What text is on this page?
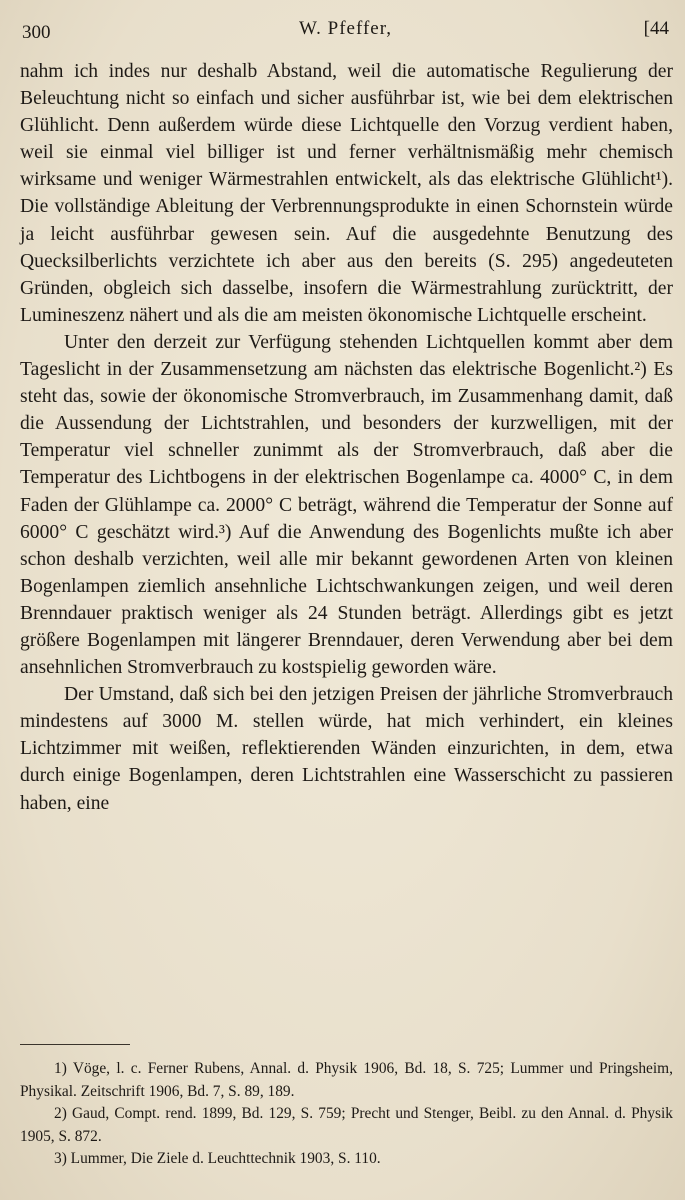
300	W. Pfeffer,	[44

nahm ich indes nur deshalb Abstand, weil die automatische Regulierung der Beleuchtung nicht so einfach und sicher ausführbar ist, wie bei dem elektrischen Glühlicht. Denn außerdem würde diese Lichtquelle den Vorzug verdient haben, weil sie einmal viel billiger ist und ferner verhältnismäßig mehr chemisch wirksame und weniger Wärmestrahlen entwickelt, als das elektrische Glühlicht¹). Die vollständige Ableitung der Verbrennungsprodukte in einen Schornstein würde ja leicht ausführbar gewesen sein. Auf die ausgedehnte Benutzung des Quecksilberlichts verzichtete ich aber aus den bereits (S. 295) angedeuteten Gründen, obgleich sich dasselbe, insofern die Wärmestrahlung zurücktritt, der Lumineszenz nähert und als die am meisten ökonomische Lichtquelle erscheint.

Unter den derzeit zur Verfügung stehenden Lichtquellen kommt aber dem Tageslicht in der Zusammensetzung am nächsten das elektrische Bogenlicht.²) Es steht das, sowie der ökonomische Stromverbrauch, im Zusammenhang damit, daß die Aussendung der Lichtstrahlen, und besonders der kurzwelligen, mit der Temperatur viel schneller zunimmt als der Stromverbrauch, daß aber die Temperatur des Lichtbogens in der elektrischen Bogenlampe ca. 4000° C, in dem Faden der Glühlampe ca. 2000° C beträgt, während die Temperatur der Sonne auf 6000° C geschätzt wird.³) Auf die Anwendung des Bogenlichts mußte ich aber schon deshalb verzichten, weil alle mir bekannt gewordenen Arten von kleinen Bogenlampen ziemlich ansehnliche Lichtschwankungen zeigen, und weil deren Brenndauer praktisch weniger als 24 Stunden beträgt. Allerdings gibt es jetzt größere Bogenlampen mit längerer Brenndauer, deren Verwendung aber bei dem ansehnlichen Stromverbrauch zu kostspielig geworden wäre.

Der Umstand, daß sich bei den jetzigen Preisen der jährliche Stromverbrauch mindestens auf 3000 M. stellen würde, hat mich verhindert, ein kleines Lichtzimmer mit weißen, reflektierenden Wänden einzurichten, in dem, etwa durch einige Bogenlampen, deren Lichtstrahlen eine Wasserschicht zu passieren haben, eine

1) Vöge, l. c. Ferner Rubens, Annal. d. Physik 1906, Bd. 18, S. 725; Lummer und Pringsheim, Physikal. Zeitschrift 1906, Bd. 7, S. 89, 189.

2) Gaud, Compt. rend. 1899, Bd. 129, S. 759; Precht und Stenger, Beibl. zu den Annal. d. Physik 1905, S. 872.

3) Lummer, Die Ziele d. Leuchttechnik 1903, S. 110.
